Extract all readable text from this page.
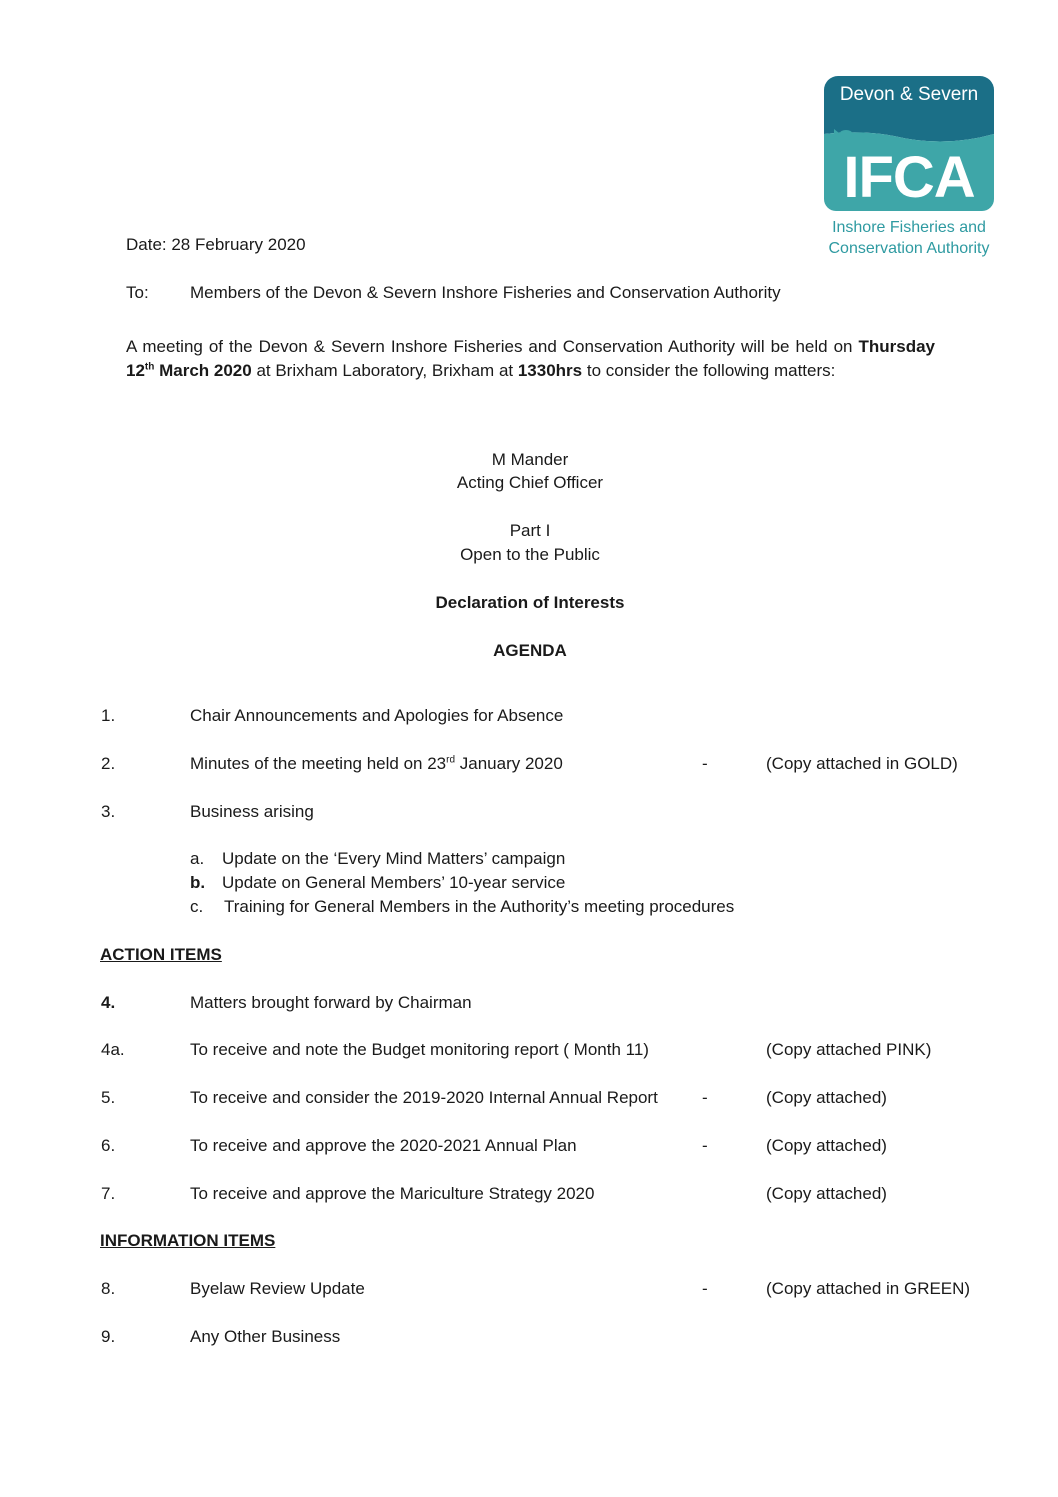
Devon & Severn
IFCA
Inshore Fisheries and
Conservation Authority
Date: 28 February 2020
To: Members of the Devon & Severn Inshore Fisheries and Conservation Authority
A meeting of the Devon & Severn Inshore Fisheries and Conservation Authority will be held on Thursday 12th March 2020 at Brixham Laboratory, Brixham at 1330hrs to consider the following matters:
M Mander
Acting Chief Officer
Part I
Open to the Public
Declaration of Interests
AGENDA
1.	Chair Announcements and Apologies for Absence
2.	Minutes of the meeting held on 23rd January 2020	-	(Copy attached in GOLD)
3.	Business arising
a. Update on the ‘Every Mind Matters’ campaign
b. Update on General Members’ 10-year service
c. Training for General Members in the Authority’s meeting procedures
ACTION ITEMS
4.	Matters brought forward by Chairman
4a.	To receive and note the Budget monitoring report ( Month 11)	(Copy attached PINK)
5.	To receive and consider the 2019-2020 Internal Annual Report	-	(Copy attached)
6.	To receive and approve the 2020-2021 Annual Plan	-	(Copy attached)
7.	To receive and approve the Mariculture Strategy 2020	(Copy attached)
INFORMATION ITEMS
8.	Byelaw Review Update	-	(Copy attached in GREEN)
9.	Any Other Business
